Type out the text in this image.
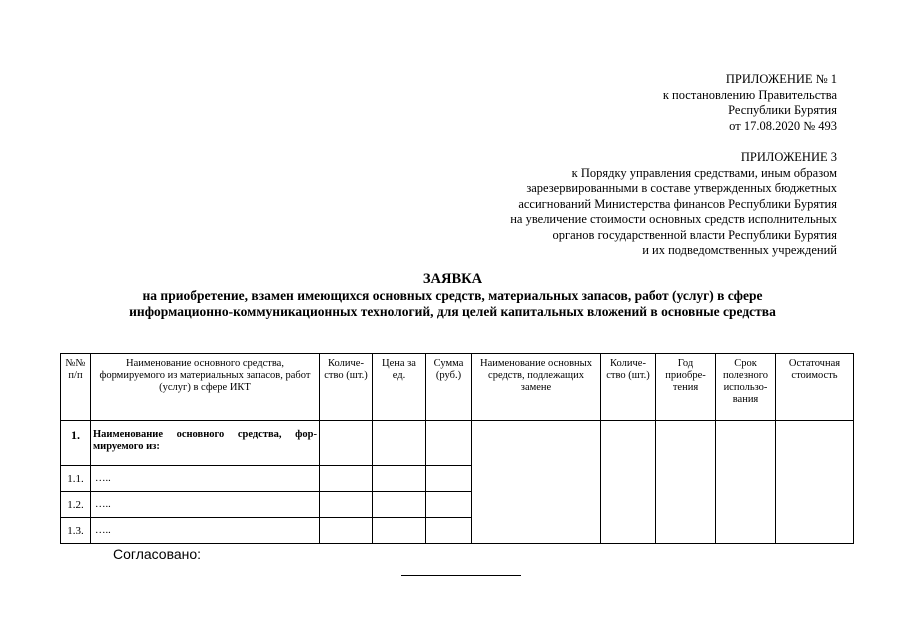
ПРИЛОЖЕНИЕ № 1
к постановлению Правительства
Республики Бурятия
от 17.08.2020 № 493
ПРИЛОЖЕНИЕ 3
к Порядку управления средствами, иным образом
зарезервированными в составе утвержденных бюджетных
ассигнований Министерства финансов Республики Бурятия
на увеличение стоимости основных средств исполнительных
органов государственной власти Республики Бурятия
и их подведомственных учреждений
ЗАЯВКА
на приобретение, взамен имеющихся основных средств, материальных запасов, работ (услуг) в сфере
информационно-коммуникационных технологий, для целей капитальных вложений в основные средства
№№ п/п	Наименование основного средства, формируемого из материальных запасов, работ (услуг) в сфере ИКТ	Количе-ство (шт.)	Цена за ед.	Сумма (руб.)	Наименование основных средств, подлежащих замене	Количе-ство (шт.)	Год приобре-тения	Срок полезного использо-вания	Остаточная стоимость
1.	Наименование основного средства, фор-мируемого из:								
1.1.	…..								
1.2.	…..								
1.3.	…..								
Согласовано:
